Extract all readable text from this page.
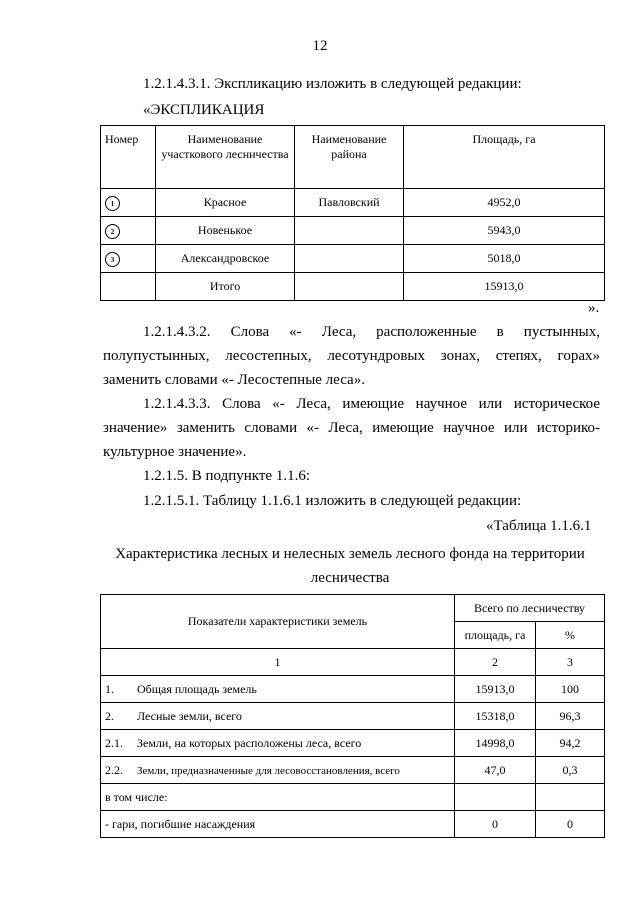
12
1.2.1.4.3.1. Экспликацию изложить в следующей редакции:
«ЭКСПЛИКАЦИЯ
Номер	Наименование участкового лесничества	Наименование района	Площадь, га
1	Красное	Павловский	4952,0
2	Новенькое		5943,0
3	Александровское		5018,0
	Итого		15913,0
».
1.2.1.4.3.2. Слова «- Леса, расположенные в пустынных,
полупустынных, лесостепных, лесотундровых зонах, степях, горах»
заменить словами «- Лесостепные леса».
1.2.1.4.3.3. Слова «- Леса, имеющие научное или историческое
значение» заменить словами «- Леса, имеющие научное или историко-
культурное значение».
1.2.1.5. В подпункте 1.1.6:
1.2.1.5.1. Таблицу 1.1.6.1 изложить в следующей редакции:
«Таблица 1.1.6.1
Характеристика лесных и нелесных земель лесного фонда на территории
лесничества
Показатели характеристики земель	Всего по лесничеству	
	площадь, га	%
1	2	3
1. Общая площадь земель	15913,0	100
2. Лесные земли, всего	15318,0	96,3
2.1. Земли, на которых расположены леса, всего	14998,0	94,2
2.2. Земли, предназначенные для лесовосстановления, всего	47,0	0,3
в том числе:		
- гари, погибшие насаждения	0	0
